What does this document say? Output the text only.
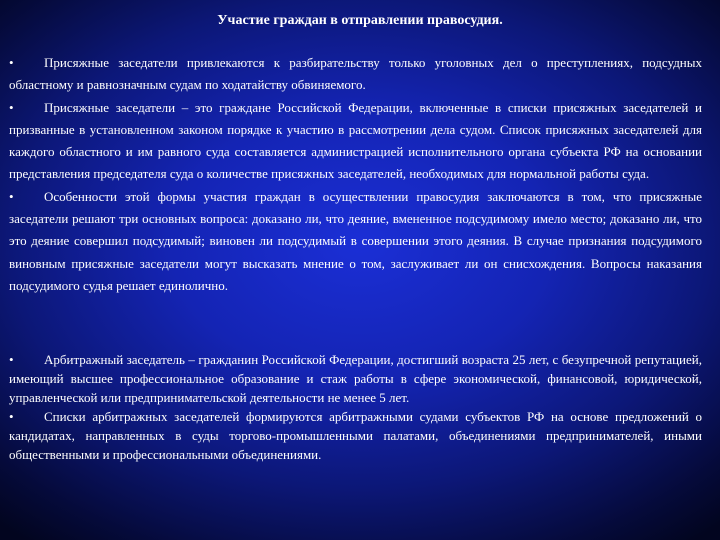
Участие граждан в отправлении правосудия.

• Присяжные заседатели привлекаются к разбирательству только уголовных дел о преступлениях, подсудных областному и равнозначным судам по ходатайству обвиняемого.

• Присяжные заседатели – это граждане Российской Федерации, включенные в списки присяжных заседателей и призванные в установленном законом порядке к участию в рассмотрении дела судом. Список присяжных заседателей для каждого областного и им равного суда составляется администрацией исполнительного органа субъекта РФ на основании представления председателя суда о количестве присяжных заседателей, необходимых для нормальной работы суда.

• Особенности этой формы участия граждан в осуществлении правосудия заключаются в том, что присяжные заседатели решают три основных вопроса: доказано ли, что деяние, вмененное подсудимому имело место; доказано ли, что это деяние совершил подсудимый; виновен ли подсудимый в совершении этого деяния. В случае признания подсудимого виновным присяжные заседатели могут высказать мнение о том, заслуживает ли он снисхождения. Вопросы наказания подсудимого судья решает единолично.

• Арбитражный заседатель – гражданин Российской Федерации, достигший возраста 25 лет, с безупречной репутацией, имеющий высшее профессиональное образование и стаж работы в сфере экономической, финансовой, юридической, управленческой или предпринимательской деятельности не менее 5 лет.

• Списки арбитражных заседателей формируются арбитражными судами субъектов РФ на основе предложений о кандидатах, направленных в суды торгово-промышленными палатами, объединениями предпринимателей, иными общественными и профессиональными объединениями.
